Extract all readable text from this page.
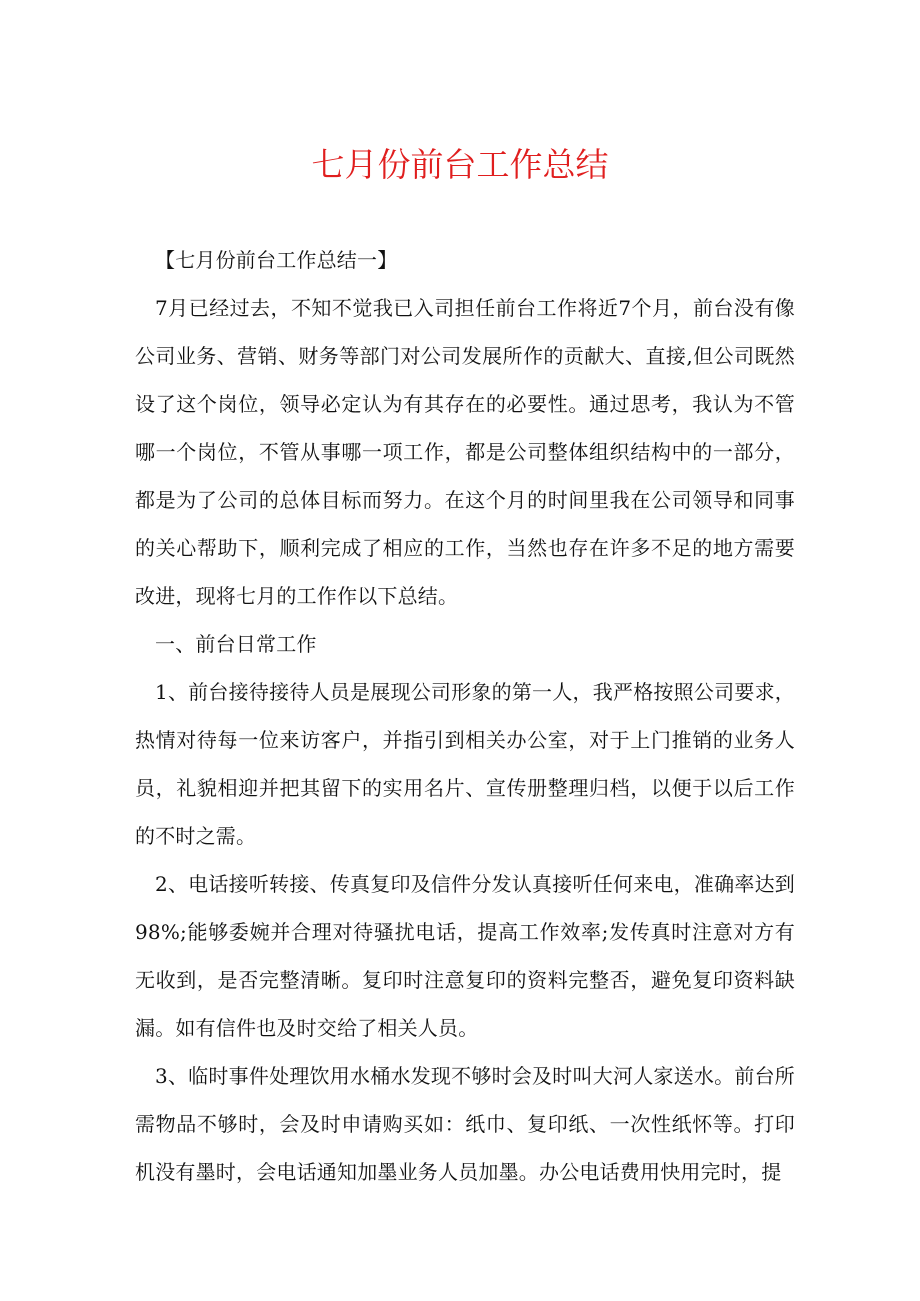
七月份前台工作总结

【七月份前台工作总结一】

7月已经过去，不知不觉我已入司担任前台工作将近7个月，前台没有像公司业务、营销、财务等部门对公司发展所作的贡献大、直接,但公司既然设了这个岗位，领导必定认为有其存在的必要性。通过思考，我认为不管哪一个岗位，不管从事哪一项工作，都是公司整体组织结构中的一部分，都是为了公司的总体目标而努力。在这个月的时间里我在公司领导和同事的关心帮助下，顺利完成了相应的工作，当然也存在许多不足的地方需要改进，现将七月的工作作以下总结。

一、前台日常工作

1、前台接待接待人员是展现公司形象的第一人，我严格按照公司要求，热情对待每一位来访客户，并指引到相关办公室，对于上门推销的业务人员，礼貌相迎并把其留下的实用名片、宣传册整理归档，以便于以后工作的不时之需。

2、电话接听转接、传真复印及信件分发认真接听任何来电，准确率达到98%;能够委婉并合理对待骚扰电话，提高工作效率;发传真时注意对方有无收到，是否完整清晰。复印时注意复印的资料完整否，避免复印资料缺漏。如有信件也及时交给了相关人员。

3、临时事件处理饮用水桶水发现不够时会及时叫大河人家送水。前台所需物品不够时，会及时申请购买如：纸巾、复印纸、一次性纸怀等。打印机没有墨时，会电话通知加墨业务人员加墨。办公电话费用快用完时，提
